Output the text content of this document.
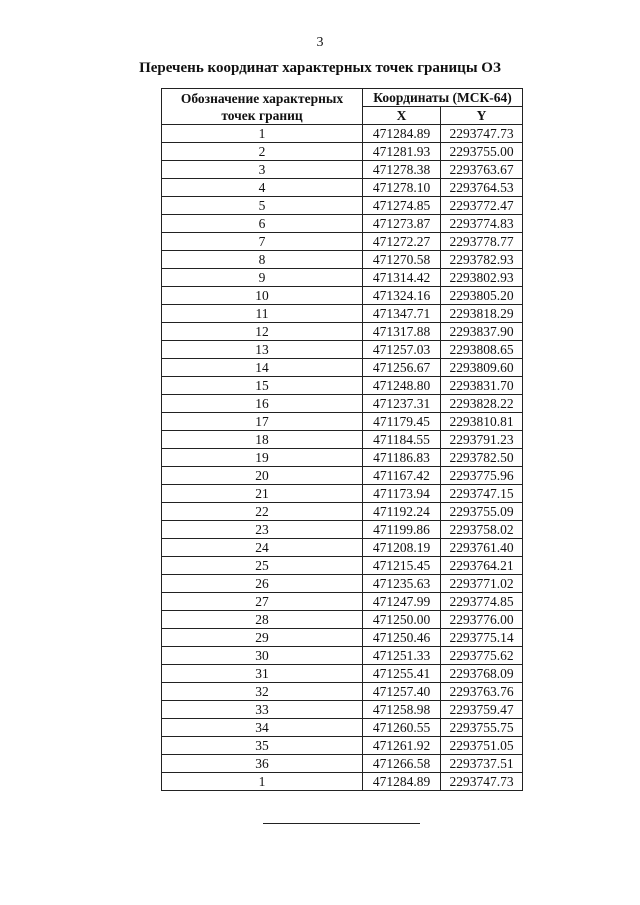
3
Перечень координат характерных точек границы ОЗ
Обозначение характерных
точек границ	Координаты (МСК-64)	
	X	Y
1	471284.89	2293747.73
2	471281.93	2293755.00
3	471278.38	2293763.67
4	471278.10	2293764.53
5	471274.85	2293772.47
6	471273.87	2293774.83
7	471272.27	2293778.77
8	471270.58	2293782.93
9	471314.42	2293802.93
10	471324.16	2293805.20
11	471347.71	2293818.29
12	471317.88	2293837.90
13	471257.03	2293808.65
14	471256.67	2293809.60
15	471248.80	2293831.70
16	471237.31	2293828.22
17	471179.45	2293810.81
18	471184.55	2293791.23
19	471186.83	2293782.50
20	471167.42	2293775.96
21	471173.94	2293747.15
22	471192.24	2293755.09
23	471199.86	2293758.02
24	471208.19	2293761.40
25	471215.45	2293764.21
26	471235.63	2293771.02
27	471247.99	2293774.85
28	471250.00	2293776.00
29	471250.46	2293775.14
30	471251.33	2293775.62
31	471255.41	2293768.09
32	471257.40	2293763.76
33	471258.98	2293759.47
34	471260.55	2293755.75
35	471261.92	2293751.05
36	471266.58	2293737.51
1	471284.89	2293747.73
